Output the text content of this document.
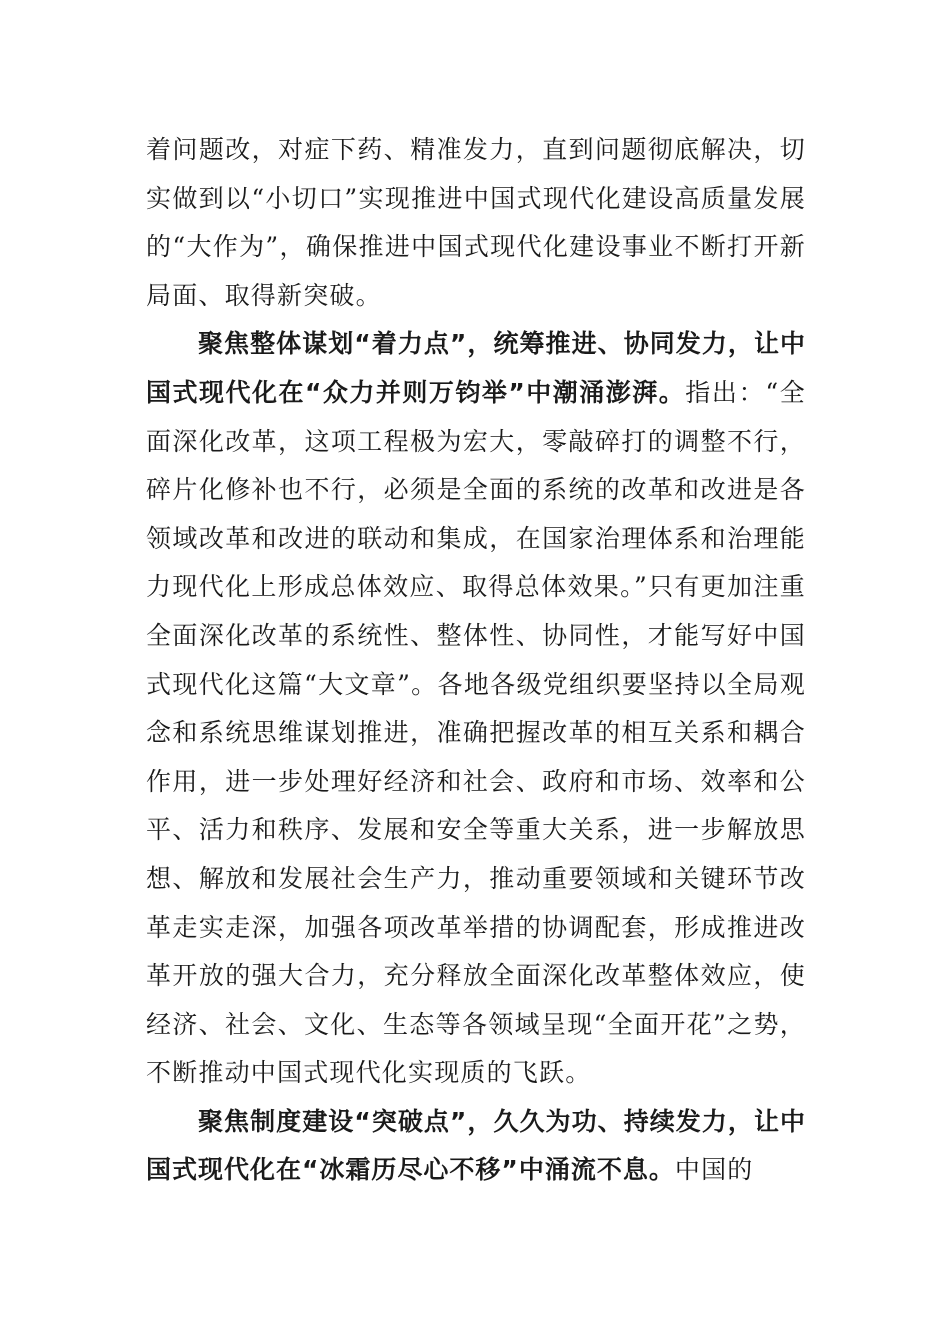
着问题改，对症下药、精准发力，直到问题彻底解决，切实做到以“小切口”实现推进中国式现代化建设高质量发展的“大作为”，确保推进中国式现代化建设事业不断打开新局面、取得新突破。

聚焦整体谋划“着力点”，统筹推进、协同发力，让中国式现代化在“众力并则万钧举”中潮涌澎湃。指出：“全面深化改革，这项工程极为宏大，零敲碎打的调整不行，碎片化修补也不行，必须是全面的系统的改革和改进是各领域改革和改进的联动和集成，在国家治理体系和治理能力现代化上形成总体效应、取得总体效果。”只有更加注重全面深化改革的系统性、整体性、协同性，才能写好中国式现代化这篇“大文章”。各地各级党组织要坚持以全局观念和系统思维谋划推进，准确把握改革的相互关系和耦合作用，进一步处理好经济和社会、政府和市场、效率和公平、活力和秩序、发展和安全等重大关系，进一步解放思想、解放和发展社会生产力，推动重要领域和关键环节改革走实走深，加强各项改革举措的协调配套，形成推进改革开放的强大合力，充分释放全面深化改革整体效应，使经济、社会、文化、生态等各领域呈现“全面开花”之势，不断推动中国式现代化实现质的飞跃。

聚焦制度建设“突破点”，久久为功、持续发力，让中国式现代化在“冰霜历尽心不移”中涌流不息。中国的
